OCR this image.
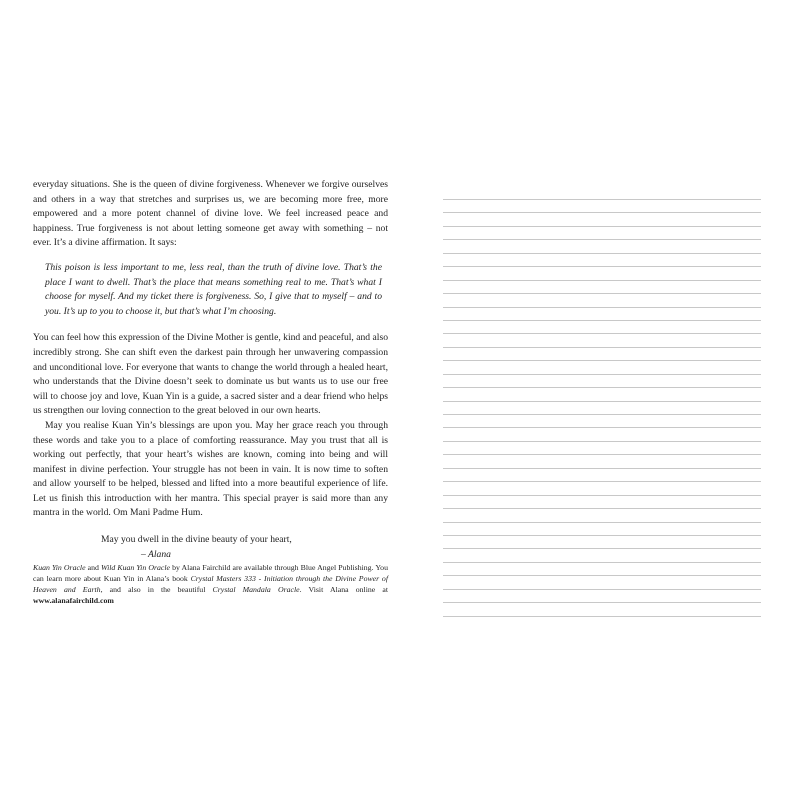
everyday situations. She is the queen of divine forgiveness. Whenever we forgive ourselves and others in a way that stretches and surprises us, we are becoming more free, more empowered and a more potent channel of divine love. We feel increased peace and happiness. True forgiveness is not about letting someone get away with something – not ever. It’s a divine affirmation. It says:

This poison is less important to me, less real, than the truth of divine love. That’s the place I want to dwell. That’s the place that means something real to me. That’s what I choose for myself. And my ticket there is forgiveness. So, I give that to myself – and to you. It’s up to you to choose it, but that’s what I’m choosing.

You can feel how this expression of the Divine Mother is gentle, kind and peaceful, and also incredibly strong. She can shift even the darkest pain through her unwavering compassion and unconditional love. For everyone that wants to change the world through a healed heart, who understands that the Divine doesn’t seek to dominate us but wants us to use our free will to choose joy and love, Kuan Yin is a guide, a sacred sister and a dear friend who helps us strengthen our loving connection to the great beloved in our own hearts.

May you realise Kuan Yin’s blessings are upon you. May her grace reach you through these words and take you to a place of comforting reassurance. May you trust that all is working out perfectly, that your heart’s wishes are known, coming into being and will manifest in divine perfection. Your struggle has not been in vain. It is now time to soften and allow yourself to be helped, blessed and lifted into a more beautiful experience of life. Let us finish this introduction with her mantra. This special prayer is said more than any mantra in the world. Om Mani Padme Hum.

May you dwell in the divine beauty of your heart,
– Alana

Kuan Yin Oracle and Wild Kuan Yin Oracle by Alana Fairchild are available through Blue Angel Publishing. You can learn more about Kuan Yin in Alana’s book Crystal Masters 333 - Initiation through the Divine Power of Heaven and Earth, and also in the beautiful Crystal Mandala Oracle. Visit Alana online at www.alanafairchild.com
